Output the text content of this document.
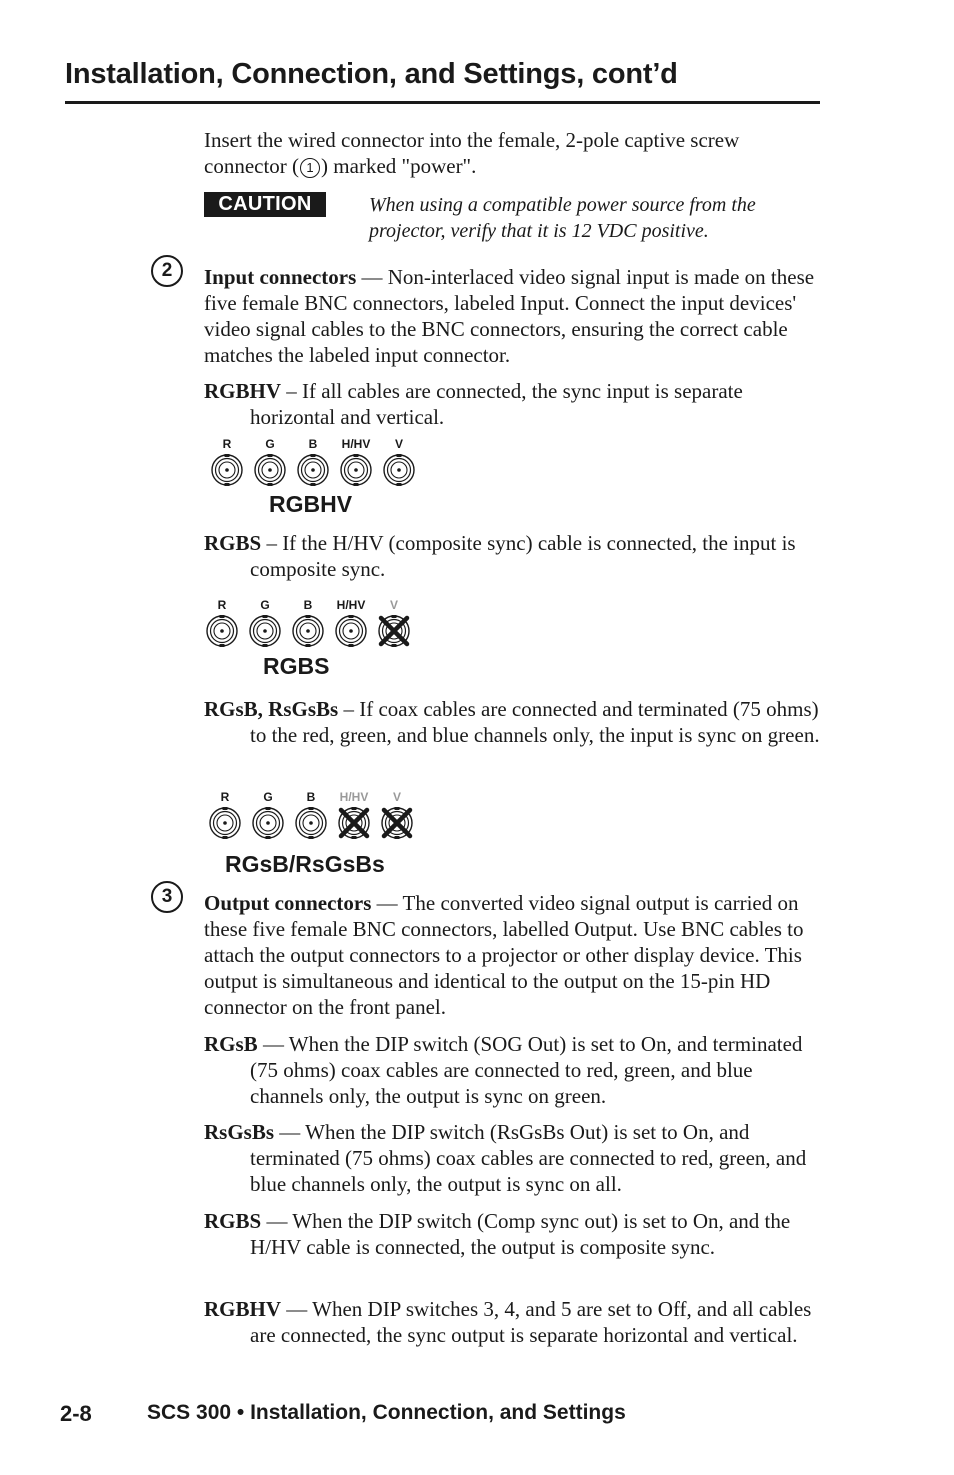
Installation, Connection, and Settings, cont’d
Insert the wired connector into the female, 2-pole captive screw connector ( 1 ) marked "power".
CAUTION	When using a compatible power source from the projector, verify that it is 12 VDC positive.
2	Input connectors — Non-interlaced video signal input is made on these five female BNC connectors, labeled Input. Connect the input devices' video signal cables to the BNC connectors, ensuring the correct cable matches the labeled input connector.
RGBHV – If all cables are connected, the sync input is separate horizontal and vertical.
R	G	B H/HV V
RGBHV
RGBS – If the H/HV (composite sync) cable is connected, the input is composite sync.
R	G	B H/HV V
RGBS
RGsB, RsGsBs – If coax cables are connected and terminated (75 ohms) to the red, green, and blue channels only, the input is sync on green.
R	G	B H/HV V
RGsB/RsGsBs
3	Output connectors — The converted video signal output is carried on these five female BNC connectors, labelled Output. Use BNC cables to attach the output connectors to a projector or other display device. This output is simultaneous and identical to the output on the 15-pin HD connector on the front panel.
RGsB — When the DIP switch (SOG Out) is set to On, and terminated (75 ohms) coax cables are connected to red, green, and blue channels only, the output is sync on green.
RsGsBs — When the DIP switch (RsGsBs Out) is set to On, and terminated (75 ohms) coax cables are connected to red, green, and blue channels only, the output is sync on all.
RGBS — When the DIP switch (Comp sync out) is set to On, and the H/HV cable is connected, the output is composite sync.
RGBHV — When DIP switches 3, 4, and 5 are set to Off, and all cables are connected, the sync output is separate horizontal and vertical.
2-8	SCS 300 • Installation, Connection, and Settings
